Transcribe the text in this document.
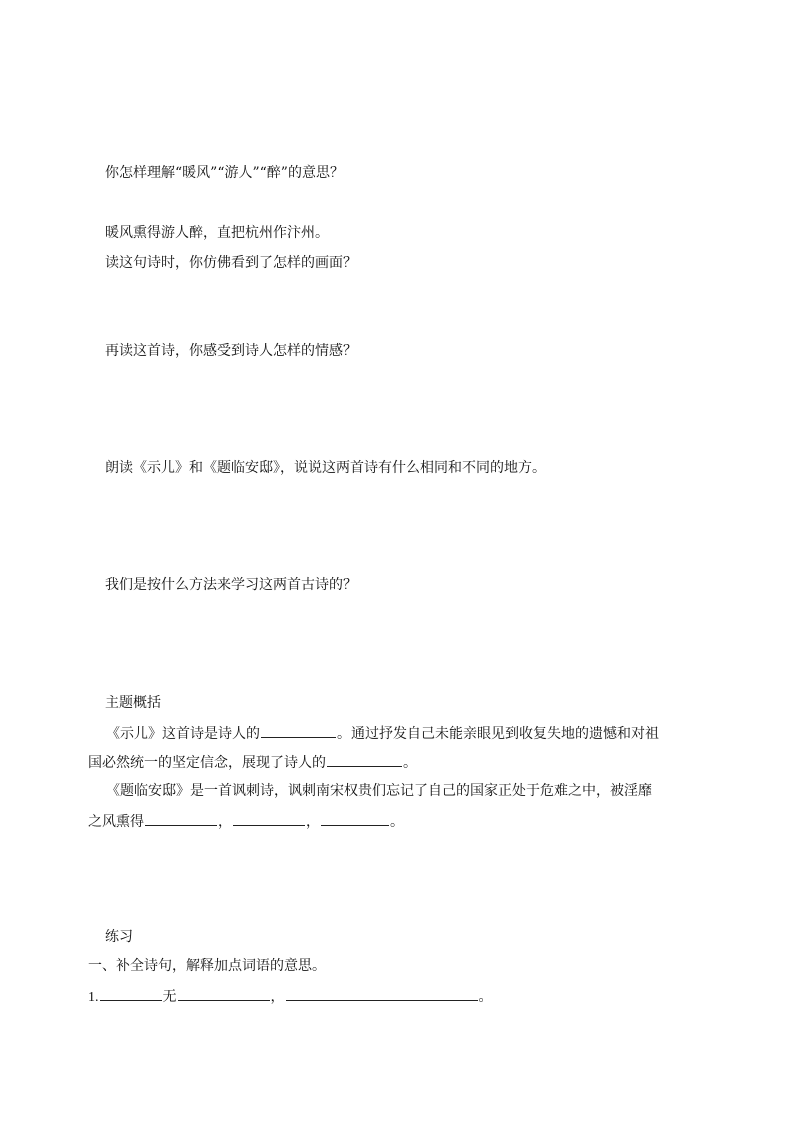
你怎样理解“暖风”“游人”“醉”的意思？
暖风熏得游人醉，直把杭州作汴州。
读这句诗时，你仿佛看到了怎样的画面？
再读这首诗，你感受到诗人怎样的情感？
朗读《示儿》和《题临安邸》，说说这两首诗有什么相同和不同的地方。
我们是按什么方法来学习这两首古诗的？
主题概括
《示儿》这首诗是诗人的	。通过抒发自己未能亲眼见到收复失地的遗憾和对祖
国必然统一的坚定信念，展现了诗人的	。
《题临安邸》是一首讽刺诗，讽刺南宋权贵们忘记了自己的国家正处于危难之中，被淫靡
之风熏得	，	，	。
练习
一、补全诗句，解释加点词语的意思。
1.	无	，	。
